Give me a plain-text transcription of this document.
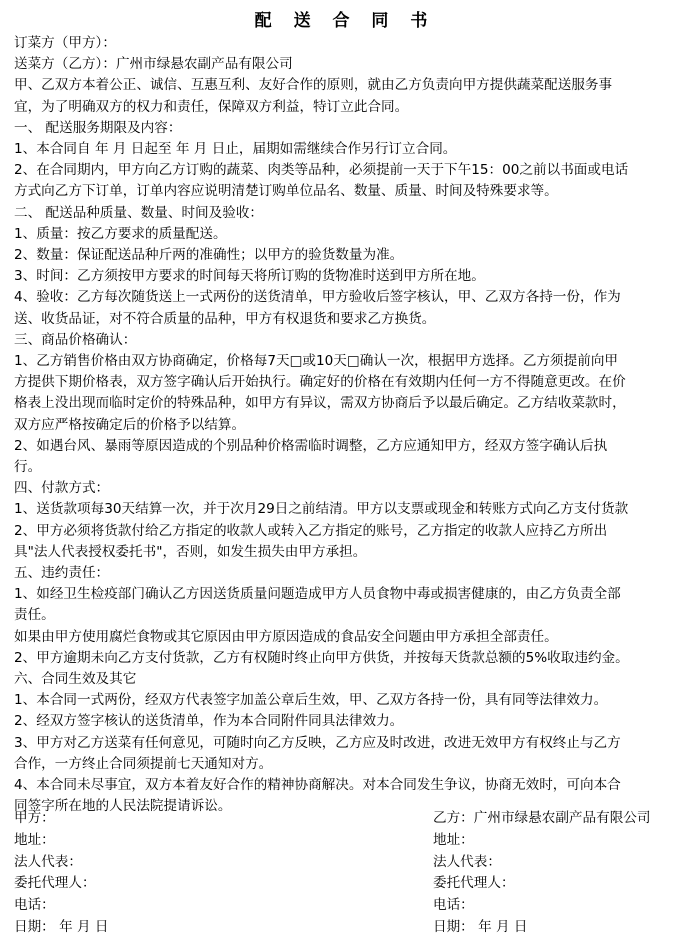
配 送 合 同 书
订菜方（甲方）：
送菜方（乙方）：广州市绿悬农副产品有限公司
甲、乙双方本着公正、诚信、互惠互利、友好合作的原则，就由乙方负责向甲方提供蔬菜配送服务事
宜，为了明确双方的权力和责任，保障双方利益，特订立此合同。
一、 配送服务期限及内容：
1、本合同自 年 月 日起至 年 月 日止，届期如需继续合作另行订立合同。
2、在合同期内，甲方向乙方订购的蔬菜、肉类等品种，必须提前一天于下午15：00之前以书面或电话
方式向乙方下订单，订单内容应说明清楚订购单位品名、数量、质量、时间及特殊要求等。
二、 配送品种质量、数量、时间及验收：
1、质量：按乙方要求的质量配送。
2、数量：保证配送品种斤两的准确性；以甲方的验货数量为准。
3、时间：乙方须按甲方要求的时间每天将所订购的货物准时送到甲方所在地。
4、验收：乙方每次随货送上一式两份的送货清单，甲方验收后签字核认，甲、乙双方各持一份，作为
送、收货品证，对不符合质量的品种，甲方有权退货和要求乙方换货。
三、商品价格确认：
1、乙方销售价格由双方协商确定，价格每7天□或10天□确认一次，根据甲方选择。乙方须提前向甲
方提供下期价格表，双方签字确认后开始执行。确定好的价格在有效期内任何一方不得随意更改。在价
格表上没出现而临时定价的特殊品种，如甲方有异议，需双方协商后予以最后确定。乙方结收菜款时，
双方应严格按确定后的价格予以结算。
2、如遇台风、暴雨等原因造成的个别品种价格需临时调整，乙方应通知甲方，经双方签字确认后执
行。
四、付款方式：
1、送货款项每30天结算一次，并于次月29日之前结清。甲方以支票或现金和转账方式向乙方支付货款
2、甲方必须将货款付给乙方指定的收款人或转入乙方指定的账号，乙方指定的收款人应持乙方所出
具"法人代表授权委托书"，否则，如发生损失由甲方承担。
五、违约责任：
1、如经卫生检疫部门确认乙方因送货质量问题造成甲方人员食物中毒或损害健康的，由乙方负责全部
责任。
如果由甲方使用腐烂食物或其它原因由甲方原因造成的食品安全问题由甲方承担全部责任。
2、甲方逾期未向乙方支付货款，乙方有权随时终止向甲方供货，并按每天货款总额的5%收取违约金。
六、合同生效及其它
1、本合同一式两份，经双方代表签字加盖公章后生效，甲、乙双方各持一份，具有同等法律效力。
2、经双方签字核认的送货清单，作为本合同附件同具法律效力。
3、甲方对乙方送菜有任何意见，可随时向乙方反映，乙方应及时改进，改进无效甲方有权终止与乙方
合作，一方终止合同须提前七天通知对方。
4、本合同未尽事宜，双方本着友好合作的精神协商解决。对本合同发生争议，协商无效时，可向本合
同签字所在地的人民法院提请诉讼。
甲方：
地址：
法人代表：
委托代理人：
电话：
日期： 年 月 日
乙方：广州市绿悬农副产品有限公司
地址：
法人代表：
委托代理人：
电话：
日期： 年 月 日
